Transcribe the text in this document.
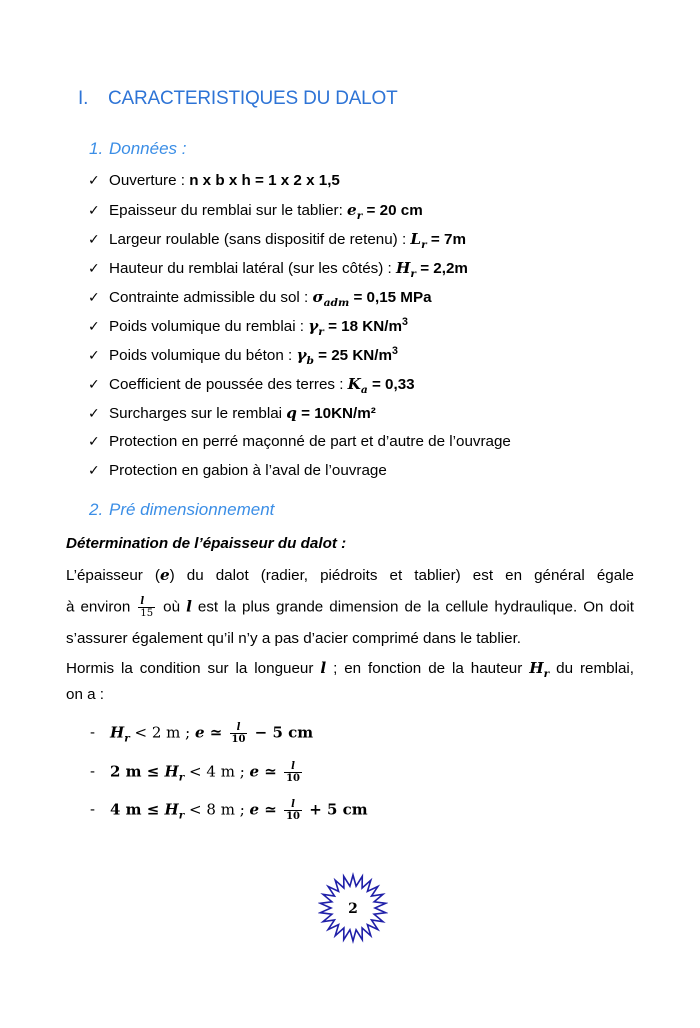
I. CARACTERISTIQUES DU DALOT
1. Données :
✓ Ouverture : n x b x h = 1 x 2 x 1,5
✓ Epaisseur du remblai sur le tablier: $e_r = 20$ cm
✓ Largeur roulable (sans dispositif de retenu) : $L_r = 7m$
✓ Hauteur du remblai latéral (sur les côtés) : $H_r = 2,2m$
✓ Contrainte admissible du sol : $\sigma_{adm} = 0,15$ MPa
✓ Poids volumique du remblai : $\gamma_r = 18$ $KN/m^3$
✓ Poids volumique du béton : $\gamma_b = 25$ $KN/m^3$
✓ Coefficient de poussée des terres : $K_a = 0,33$
✓ Surcharges sur le remblai q = 10KN/m²
✓ Protection en perré maçonné de part et d’autre de l’ouvrage
✓ Protection en gabion à l’aval de l’ouvrage
2. Pré dimensionnement
Détermination de l’épaisseur du dalot :
L’épaisseur (e) du dalot (radier, piédroits et tablier) est en général égale
à environ $\frac{l}{15}$ où l est la plus grande dimension de la cellule hydraulique. On doit
s’assurer également qu’il n’y a pas d’acier comprimé dans le tablier.
Hormis la condition sur la longueur l ; en fonction de la hauteur $H_r$ du remblai,
on a :
- $H_r < 2$ m ; e ≃ $\frac{l}{10} - 5$ cm
- 2 $m \le H_r < 4$ m ; e ≃ $\frac{l}{10}$
- 4 $m \le H_r < 8$ m ; e ≃ $\frac{l}{10} + 5$ cm
2
